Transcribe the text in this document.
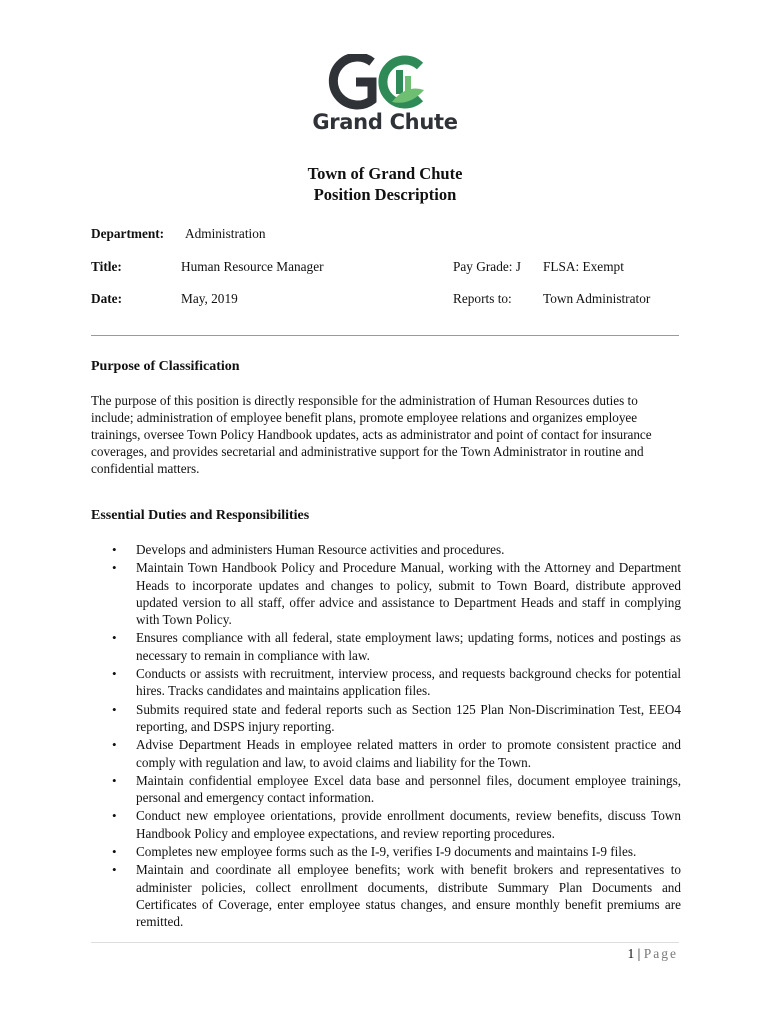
Grand Chute
Town of Grand Chute
Position Description
Department: Administration
Title:	Human Resource Manager	Pay Grade: J FLSA: Exempt
Date:	May, 2019	Reports to: Town Administrator
Purpose of Classification

The purpose of this position is directly responsible for the administration of Human Resources duties to include; administration of employee benefit plans, promote employee relations and organizes employee trainings, oversee Town Policy Handbook updates, acts as administrator and point of contact for insurance coverages, and provides secretarial and administrative support for the Town Administrator in routine and confidential matters.

Essential Duties and Responsibilities
• Develops and administers Human Resource activities and procedures.
• Maintain Town Handbook Policy and Procedure Manual, working with the Attorney and Department Heads to incorporate updates and changes to policy, submit to Town Board, distribute approved updated version to all staff, offer advice and assistance to Department Heads and staff in complying with Town Policy.
• Ensures compliance with all federal, state employment laws; updating forms, notices and postings as necessary to remain in compliance with law.
• Conducts or assists with recruitment, interview process, and requests background checks for potential hires. Tracks candidates and maintains application files.
• Submits required state and federal reports such as Section 125 Plan Non-Discrimination Test, EEO4 reporting, and DSPS injury reporting.
• Advise Department Heads in employee related matters in order to promote consistent practice and comply with regulation and law, to avoid claims and liability for the Town.
• Maintain confidential employee Excel data base and personnel files, document employee trainings, personal and emergency contact information.
• Conduct new employee orientations, provide enrollment documents, review benefits, discuss Town Handbook Policy and employee expectations, and review reporting procedures.
• Completes new employee forms such as the I-9, verifies I-9 documents and maintains I-9 files.
• Maintain and coordinate all employee benefits; work with benefit brokers and representatives to administer policies, collect enrollment documents, distribute Summary Plan Documents and Certificates of Coverage, enter employee status changes, and ensure monthly benefit premiums are remitted.
1 | Page
